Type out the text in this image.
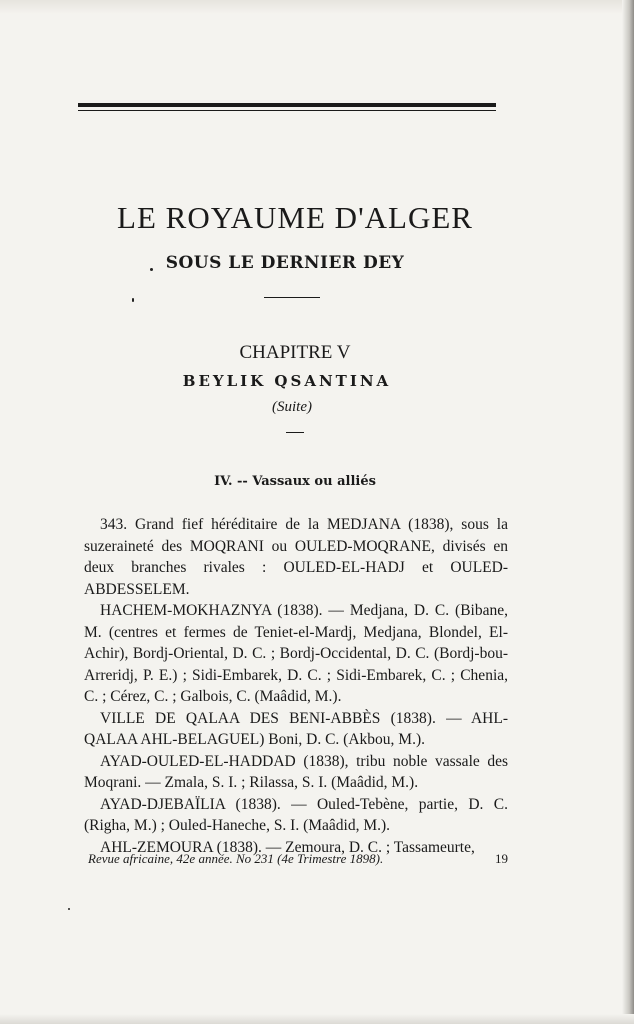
LE ROYAUME D'ALGER
SOUS LE DERNIER DEY
CHAPITRE V
BEYLIK QSANTINA
(Suite)
IV. -- Vassaux ou alliés

343. Grand fief héréditaire de la MEDJANA (1838), sous la suzeraineté des MOQRANI ou OULED-MOQRANE, divisés en deux branches rivales : OULED-EL-HADJ et OULED-ABDESSELEM.

HACHEM-MOKHAZNYA (1838). — Medjana, D. C. (Bibane, M. (centres et fermes de Teniet-el-Mardj, Medjana, Blondel, El-Achir), Bordj-Oriental, D. C. ; Bordj-Occidental, D. C. (Bordj-bou-Arreridj, P. E.) ; Sidi-Embarek, D. C. ; Sidi-Embarek, C. ; Chenia, C. ; Cérez, C. ; Galbois, C. (Maâdid, M.).

VILLE DE QALAA DES BENI-ABBÈS (1838). — AHL-QALAA AHL-BELAGUEL) Boni, D. C. (Akbou, M.).

AYAD-OULED-EL-HADDAD (1838), tribu noble vassale des Moqrani. — Zmala, S. I. ; Rilassa, S. I. (Maâdid, M.).

AYAD-DJEBAÏLIA (1838). — Ouled-Tebène, partie, D. C. (Righa, M.) ; Ouled-Haneche, S. I. (Maâdid, M.).

AHL-ZEMOURA (1838). — Zemoura, D. C. ; Tassameurte,

Revue africaine, 42e année. No 231 (4e Trimestre 1898).	19
